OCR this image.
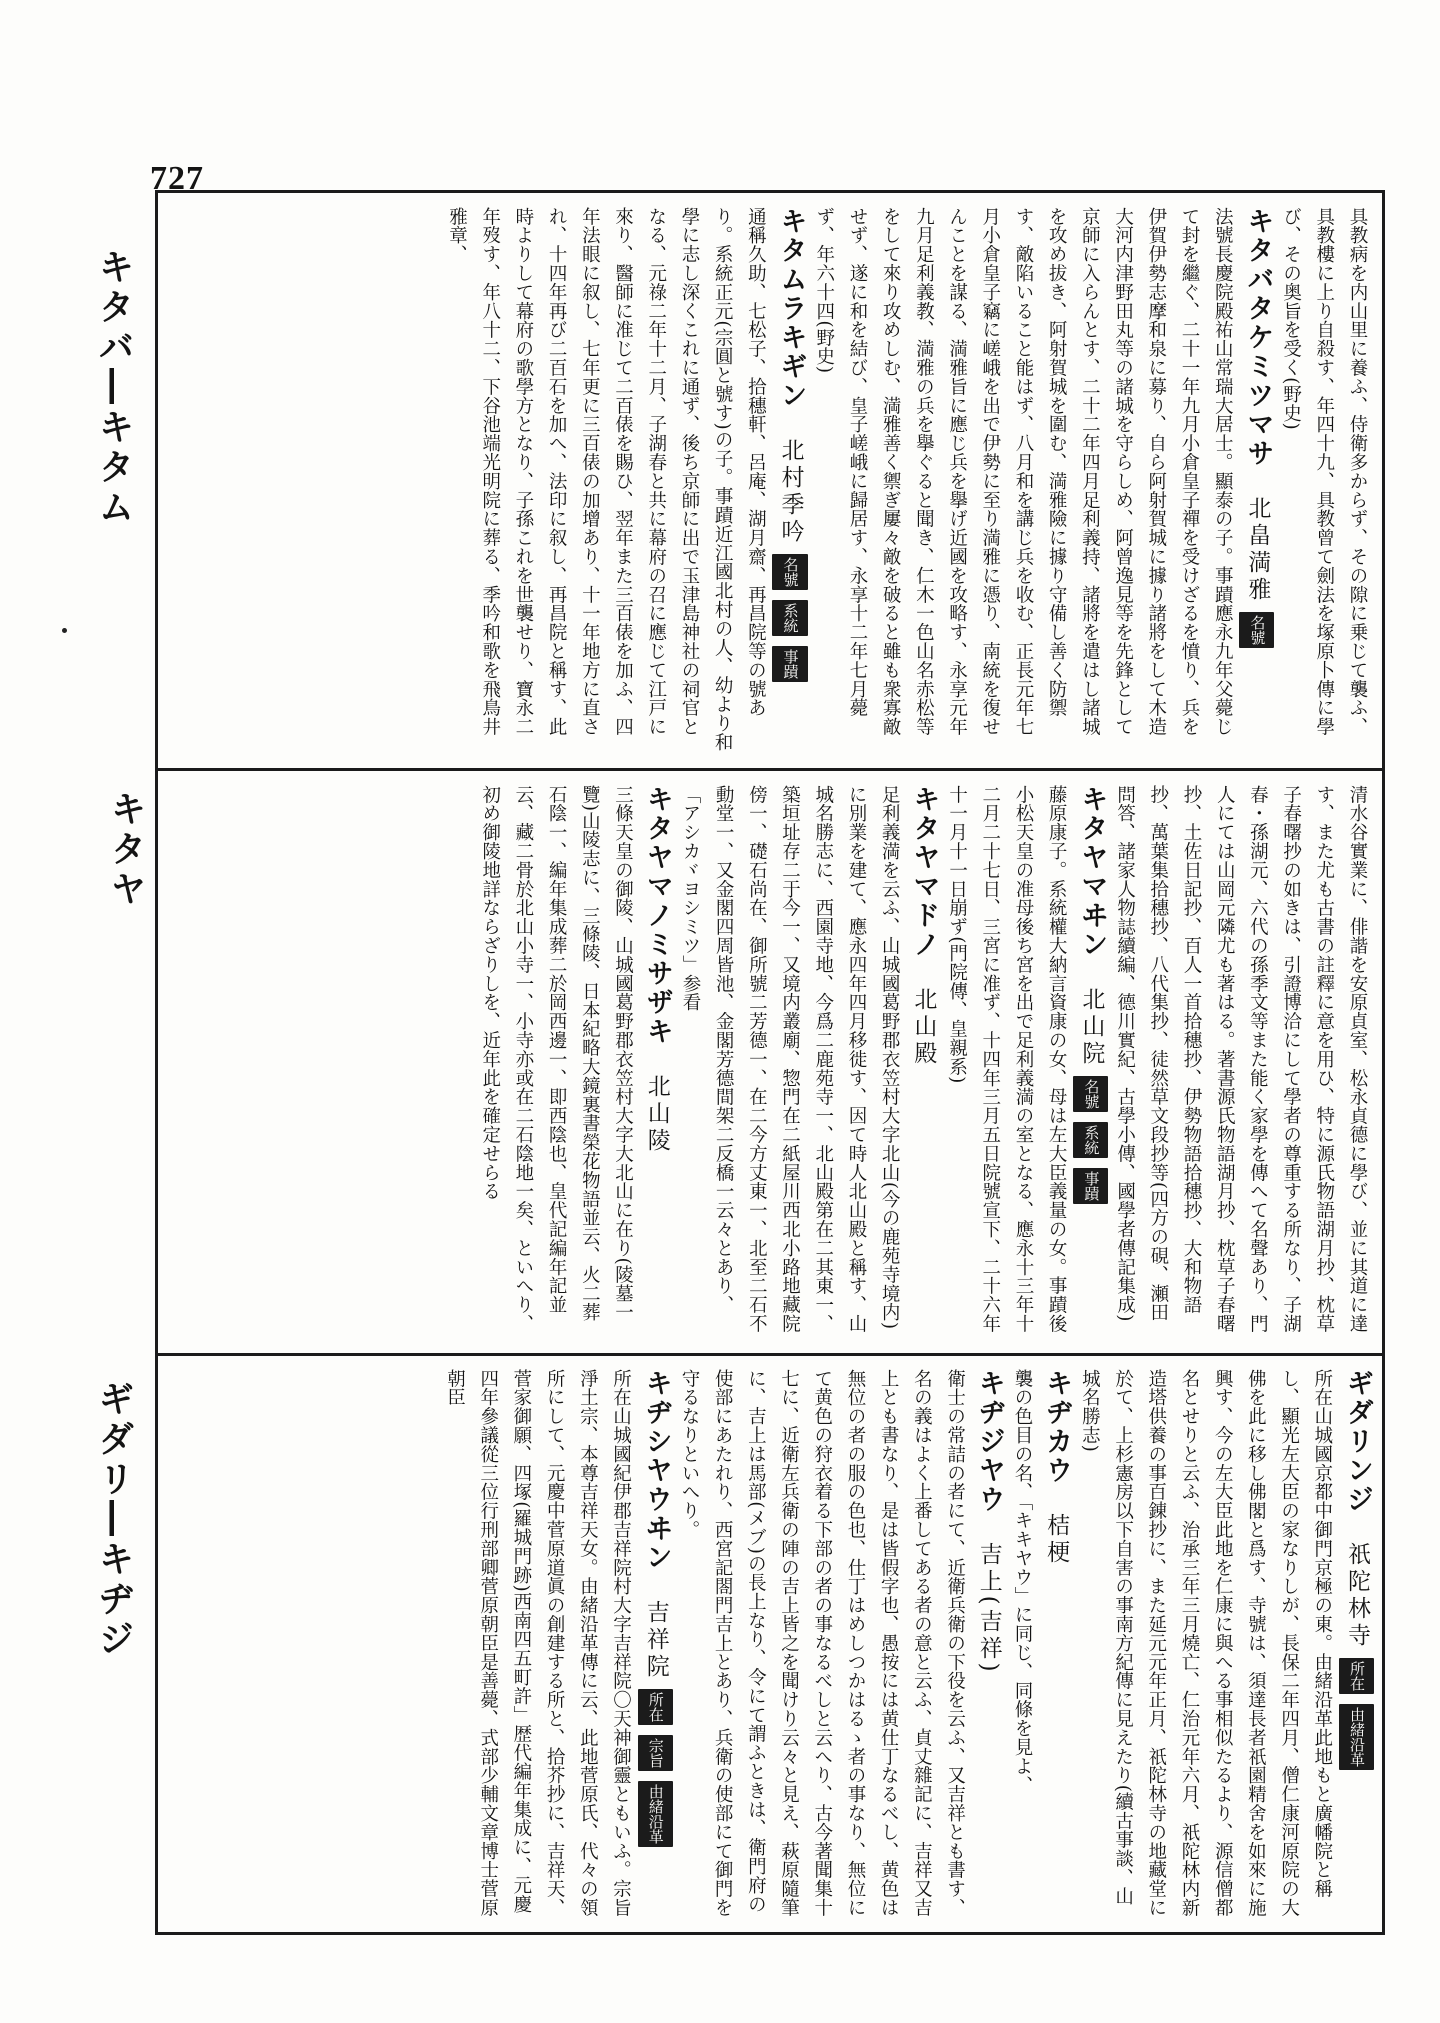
727
キタバ―キタム
キタヤ
ギダリ―キヂジ

具教病を内山里に養ふ、侍衛多からず、その隙に乗じて襲ふ、具教樓に上り自殺す、年四十九、具教曾て劍法を塚原卜傳に學び、その奥旨を受く(野史)

キタバタケミツマサ北畠満雅 名號

法號長慶院殿祐山常瑞大居士。顯泰の子。事蹟應永九年父薨じて封を繼ぐ、二十一年九月小倉皇子禪を受けざるを憤り、兵を伊賀伊勢志摩和泉に募り、自ら阿射賀城に據り諸將をして木造大河内津野田丸等の諸城を守らしめ、阿曾逸見等を先鋒として京師に入らんとす、二十二年四月足利義持、諸將を遣はし諸城を攻め拔き、阿射賀城を圍む、満雅險に據り守備し善く防禦す、敵陷いること能はず、八月和を講じ兵を收む、正長元年七月小倉皇子竊に嵯峨を出で伊勢に至り満雅に憑り、南統を復せんことを謀る、満雅旨に應じ兵を擧げ近國を攻略す、永享元年九月足利義教、満雅の兵を擧ぐると聞き、仁木一色山名赤松等をして來り攻めしむ、満雅善く禦ぎ屢々敵を破ると雖も衆寡敵せず、遂に和を結び、皇子嵯峨に歸居す、永享十二年七月薨ず、年六十四(野史)

キタムラキギン北村季吟 名號 系統 事蹟

通稱久助、七松子、拾穗軒、呂庵、湖月齋、再昌院等の號あり。系統正元(宗圓と號す)の子。事蹟近江國北村の人、幼より和學に志し深くこれに通ず、後ち京師に出で玉津島神社の祠官となる、元祿二年十二月、子湖春と共に幕府の召に應じて江戸に來り、醫師に准じて二百俵を賜ひ、翌年また三百俵を加ふ、四年法眼に叙し、七年更に三百俵の加增あり、十一年地方に直され、十四年再び二百石を加へ、法印に叙し、再昌院と稱す、此時よりして幕府の歌學方となり、子孫これを世襲せり、寶永二年歿す、年八十二、下谷池端光明院に葬る、季吟和歌を飛鳥井雅章、

清水谷實業に、俳諧を安原貞室、松永貞德に學び、並に其道に達す、また尤も古書の註釋に意を用ひ、特に源氏物語湖月抄、枕草子春曙抄の如きは、引證博洽にして學者の尊重する所なり、子湖春・孫湖元、六代の孫季文等また能く家學を傳へて名聲あり、門人にては山岡元隣尤も著はる。著書源氏物語湖月抄、枕草子春曙抄、土佐日記抄、百人一首拾穗抄、伊勢物語拾穗抄、大和物語抄、萬葉集拾穗抄、八代集抄、徒然草文段抄等(四方の硯、瀬田問答、諸家人物誌續編、德川實紀、古學小傳、國學者傳記集成)

キタヤマヰン北山院 名號 系統 事蹟

藤原康子。系統權大納言資康の女、母は左大臣義量の女。事蹟後小松天皇の准母後ち宮を出で足利義満の室となる、應永十三年十二月二十七日、三宮に准ず、十四年三月五日院號宣下、二十六年十一月十一日崩ず(門院傳、皇親系)

キタヤマドノ北山殿

足利義満を云ふ、山城國葛野郡衣笠村大字北山(今の鹿苑寺境内)に別業を建て、應永四年四月移徙す、因て時人北山殿と稱す、山城名勝志に、西園寺地、今爲二鹿苑寺一、北山殿第在二其東一、築垣址存二于今一、又境内叢廟、惣門在二紙屋川西北小路地藏院傍一、礎石尚在、御所號二芳德一、在二今方丈東一、北至二石不動堂一、又金閣四周皆池、金閣芳德間架二反橋一云々とあり、「アシカヾヨシミツ」参看

キタヤマノミサザキ北山陵

三條天皇の御陵、山城國葛野郡衣笠村大字大北山に在り(陵墓一覽)山陵志に、三條陵、日本紀略大鏡裏書榮花物語並云、火二葬石陰一、編年集成葬二於岡西邊一、即西陰也、皇代記編年記並云、藏二骨於北山小寺一、小寺亦或在二石陰地一矣、といへり、初め御陵地詳ならざりしを、近年此を確定せらる

ギダリンジ祇陀林寺 所在 由緒沿革

所在山城國京都中御門京極の東。由緒沿革此地もと廣幡院と稱し、顯光左大臣の家なりしが、長保二年四月、僧仁康河原院の大佛を此に移し佛閣と爲す、寺號は、須達長者祇園精舍を如來に施興す、今の左大臣此地を仁康に與へる事相似たるより、源信僧都名とせりと云ふ、治承三年三月燒亡、仁治元年六月、祇陀林内新造塔供養の事百錬抄に、また延元元年正月、祇陀林寺の地藏堂に於て、上杉憲房以下自害の事南方紀傳に見えたり(續古事談、山城名勝志)

キヂカウ桔梗

襲の色目の名、「キキヤウ」に同じ、同條を見よ、

キヂジヤウ吉上(吉祥)

衛士の常詰の者にて、近衛兵衛の下役を云ふ、又吉祥とも書す、名の義はよく上番してある者の意と云ふ、貞丈雜記に、吉祥又吉上とも書なり、是は皆假字也、愚按には黄仕丁なるべし、黄色は無位の者の服の色也、仕丁はめしつかはるゝ者の事なり、無位にて黄色の狩衣着る下部の者の事なるべしと云へり、古今著聞集十七に、近衛左兵衛の陣の吉上皆之を聞けり云々と見え、萩原隨筆に、吉上は馬部(メブ)の長上なり、令にて謂ふときは、衛門府の使部にあたれり、西宮記閤門吉上とあり、兵衛の使部にて御門を守るなりといへり。

キヂシヤウヰン吉祥院 所在 宗旨 由緒沿革

所在山城國紀伊郡吉祥院村大字吉祥院〇天神御靈ともいふ。宗旨淨土宗、本尊吉祥天女。由緒沿革傳に云、此地菅原氏、代々の領所にして、元慶中菅原道眞の創建する所と、拾芥抄に、吉祥天、菅家御願、四塚(羅城門跡)西南四五町許」歴代編年集成に、元慶四年參議從三位行刑部卿菅原朝臣是善薨、式部少輔文章博士菅原朝臣
